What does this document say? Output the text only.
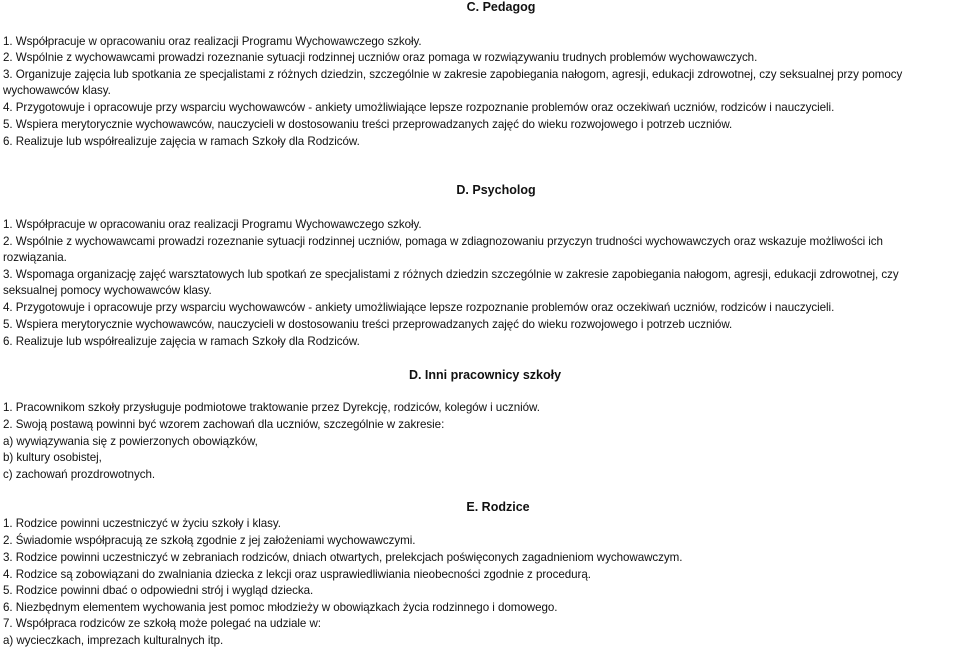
C. Pedagog
1. Współpracuje w opracowaniu oraz realizacji Programu Wychowawczego szkoły.
2. Wspólnie z wychowawcami prowadzi rozeznanie sytuacji rodzinnej uczniów oraz pomaga w rozwiązywaniu trudnych problemów wychowawczych.
3. Organizuje zajęcia lub spotkania ze specjalistami z różnych dziedzin, szczególnie w zakresie zapobiegania nałogom, agresji, edukacji zdrowotnej, czy seksualnej przy pomocy
wychowawców klasy.
4. Przygotowuje i opracowuje przy wsparciu wychowawców - ankiety umożliwiające lepsze rozpoznanie problemów oraz oczekiwań uczniów, rodziców i nauczycieli.
5. Wspiera merytorycznie wychowawców, nauczycieli w dostosowaniu treści przeprowadzanych zajęć do wieku rozwojowego i potrzeb uczniów.
6. Realizuje lub współrealizuje zajęcia w ramach Szkoły dla Rodziców.
D. Psycholog
1. Współpracuje w opracowaniu oraz realizacji Programu Wychowawczego szkoły.
2. Wspólnie z wychowawcami prowadzi rozeznanie sytuacji rodzinnej uczniów, pomaga w zdiagnozowaniu przyczyn trudności wychowawczych oraz wskazuje możliwości ich
rozwiązania.
3. Wspomaga organizację zajęć warsztatowych lub spotkań ze specjalistami z różnych dziedzin szczególnie w zakresie zapobiegania nałogom, agresji, edukacji zdrowotnej, czy
seksualnej pomocy wychowawców klasy.
4. Przygotowuje i opracowuje przy wsparciu wychowawców - ankiety umożliwiające lepsze rozpoznanie problemów oraz oczekiwań uczniów, rodziców i nauczycieli.
5. Wspiera merytorycznie wychowawców, nauczycieli w dostosowaniu treści przeprowadzanych zajęć do wieku rozwojowego i potrzeb uczniów.
6. Realizuje lub współrealizuje zajęcia w ramach Szkoły dla Rodziców.
D. Inni pracownicy szkoły
1. Pracownikom szkoły przysługuje podmiotowe traktowanie przez Dyrekcję, rodziców, kolegów i uczniów.
2. Swoją postawą powinni być wzorem zachowań dla uczniów, szczególnie w zakresie:
a) wywiązywania się z powierzonych obowiązków,
b) kultury osobistej,
c) zachowań prozdrowotnych.
E. Rodzice
1. Rodzice powinni uczestniczyć w życiu szkoły i klasy.
2. Świadomie współpracują ze szkołą zgodnie z jej założeniami wychowawczymi.
3. Rodzice powinni uczestniczyć w zebraniach rodziców, dniach otwartych, prelekcjach poświęconych zagadnieniom wychowawczym.
4. Rodzice są zobowiązani do zwalniania dziecka z lekcji oraz usprawiedliwiania nieobecności zgodnie z procedurą.
5. Rodzice powinni dbać o odpowiedni strój i wygląd dziecka.
6. Niezbędnym elementem wychowania jest pomoc młodzieży w obowiązkach życia rodzinnego i domowego.
7. Współpraca rodziców ze szkołą może polegać na udziale w:
a) wycieczkach, imprezach kulturalnych itp.
